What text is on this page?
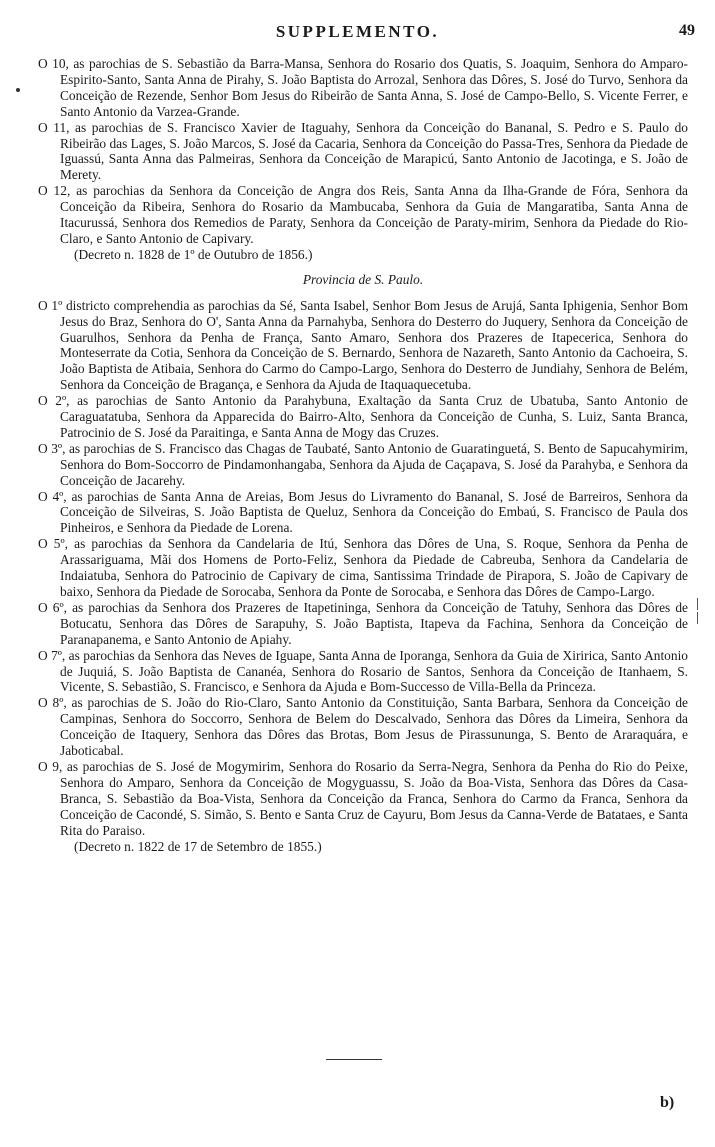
SUPPLEMENTO.	49

O 10, as parochias de S. Sebastião da Barra-Mansa, Senhora do Rosario dos Quatis, S. Joaquim, Senhora do Amparo-Espirito-Santo, Santa Anna de Pirahy, S. João Baptista do Arrozal, Senhora das Dôres, S. José do Turvo, Senhora da Conceição de Rezende, Senhor Bom Jesus do Ribeirão de Santa Anna, S. José de Campo-Bello, S. Vicente Ferrer, e Santo Antonio da Varzea-Grande.

O 11, as parochias de S. Francisco Xavier de Itaguahy, Senhora da Conceição do Bananal, S. Pedro e S. Paulo do Ribeirão das Lages, S. João Marcos, S. José da Cacaria, Senhora da Conceição do Passa-Tres, Senhora da Piedade de Iguassú, Santa Anna das Palmeiras, Senhora da Conceição de Marapicú, Santo Antonio de Jacotinga, e S. João de Merety.

O 12, as parochias da Senhora da Conceição de Angra dos Reis, Santa Anna da Ilha-Grande de Fóra, Senhora da Conceição da Ribeira, Senhora do Rosario da Mambucaba, Senhora da Guia de Mangaratiba, Santa Anna de Itacurussá, Senhora dos Remedios de Paraty, Senhora da Conceição de Paraty-mirim, Senhora da Piedade do Rio-Claro, e Santo Antonio de Capivary.

(Decreto n. 1828 de 1º de Outubro de 1856.)

Provincia de S. Paulo.

O 1º districto comprehendia as parochias da Sé, Santa Isabel, Senhor Bom Jesus de Arujá, Santa Iphigenia, Senhor Bom Jesus do Braz, Senhora do O', Santa Anna da Parnahyba, Senhora do Desterro do Juquery, Senhora da Conceição de Guarulhos, Senhora da Penha de França, Santo Amaro, Senhora dos Prazeres de Itapecerica, Senhora do Monteserrate da Cotia, Senhora da Conceição de S. Bernardo, Senhora de Nazareth, Santo Antonio da Cachoeira, S. João Baptista de Atibaia, Senhora do Carmo do Campo-Largo, Senhora do Desterro de Jundiahy, Senhora de Belém, Senhora da Conceição de Bragança, e Senhora da Ajuda de Itaquaquecetuba.

O 2º, as parochias de Santo Antonio da Parahybuna, Exaltação da Santa Cruz de Ubatuba, Santo Antonio de Caraguatatuba, Senhora da Apparecida do Bairro-Alto, Senhora da Conceição de Cunha, S. Luiz, Santa Branca, Patrocinio de S. José da Paraitinga, e Santa Anna de Mogy das Cruzes.

O 3º, as parochias de S. Francisco das Chagas de Taubaté, Santo Antonio de Guaratinguetá, S. Bento de Sapucahymirim, Senhora do Bom-Soccorro de Pindamonhangaba, Senhora da Ajuda de Caçapava, S. José da Parahyba, e Senhora da Conceição de Jacarehy.

O 4º, as parochias de Santa Anna de Areias, Bom Jesus do Livramento do Bananal, S. José de Barreiros, Senhora da Conceição de Silveiras, S. João Baptista de Queluz, Senhora da Conceição do Embaú, S. Francisco de Paula dos Pinheiros, e Senhora da Piedade de Lorena.

O 5º, as parochias da Senhora da Candelaria de Itú, Senhora das Dôres de Una, S. Roque, Senhora da Penha de Arassariguama, Mãi dos Homens de Porto-Feliz, Senhora da Piedade de Cabreuba, Senhora da Candelaria de Indaiatuba, Senhora do Patrocinio de Capivary de cima, Santissima Trindade de Pirapora, S. João de Capivary de baixo, Senhora da Piedade de Sorocaba, Senhora da Ponte de Sorocaba, e Senhora das Dôres de Campo-Largo.

O 6º, as parochias da Senhora dos Prazeres de Itapetininga, Senhora da Conceição de Tatuhy, Senhora das Dôres de Botucatu, Senhora das Dôres de Sarapuhy, S. João Baptista, Itapeva da Fachina, Senhora da Conceição de Paranapanema, e Santo Antonio de Apiahy.

O 7º, as parochias da Senhora das Neves de Iguape, Santa Anna de Iporanga, Senhora da Guia de Xiririca, Santo Antonio de Juquiá, S. João Baptista de Cananéa, Senhora do Rosario de Santos, Senhora da Conceição de Itanhaem, S. Vicente, S. Sebastião, S. Francisco, e Senhora da Ajuda e Bom-Successo de Villa-Bella da Princeza.

O 8º, as parochias de S. João do Rio-Claro, Santo Antonio da Constituição, Santa Barbara, Senhora da Conceição de Campinas, Senhora do Soccorro, Senhora de Belem do Descalvado, Senhora das Dôres da Limeira, Senhora da Conceição de Itaquery, Senhora das Dôres das Brotas, Bom Jesus de Pirassununga, S. Bento de Araraquára, e Jaboticabal.

O 9, as parochias de S. José de Mogymirim, Senhora do Rosario da Serra-Negra, Senhora da Penha do Rio do Peixe, Senhora do Amparo, Senhora da Conceição de Mogyguassu, S. João da Boa-Vista, Senhora das Dôres da Casa-Branca, S. Sebastião da Boa-Vista, Senhora da Conceição da Franca, Senhora do Carmo da Franca, Senhora da Conceição de Cacondé, S. Simão, S. Bento e Santa Cruz de Cayuru, Bom Jesus da Canna-Verde de Batataes, e Santa Rita do Paraiso.

(Decreto n. 1822 de 17 de Setembro de 1855.)

b)
